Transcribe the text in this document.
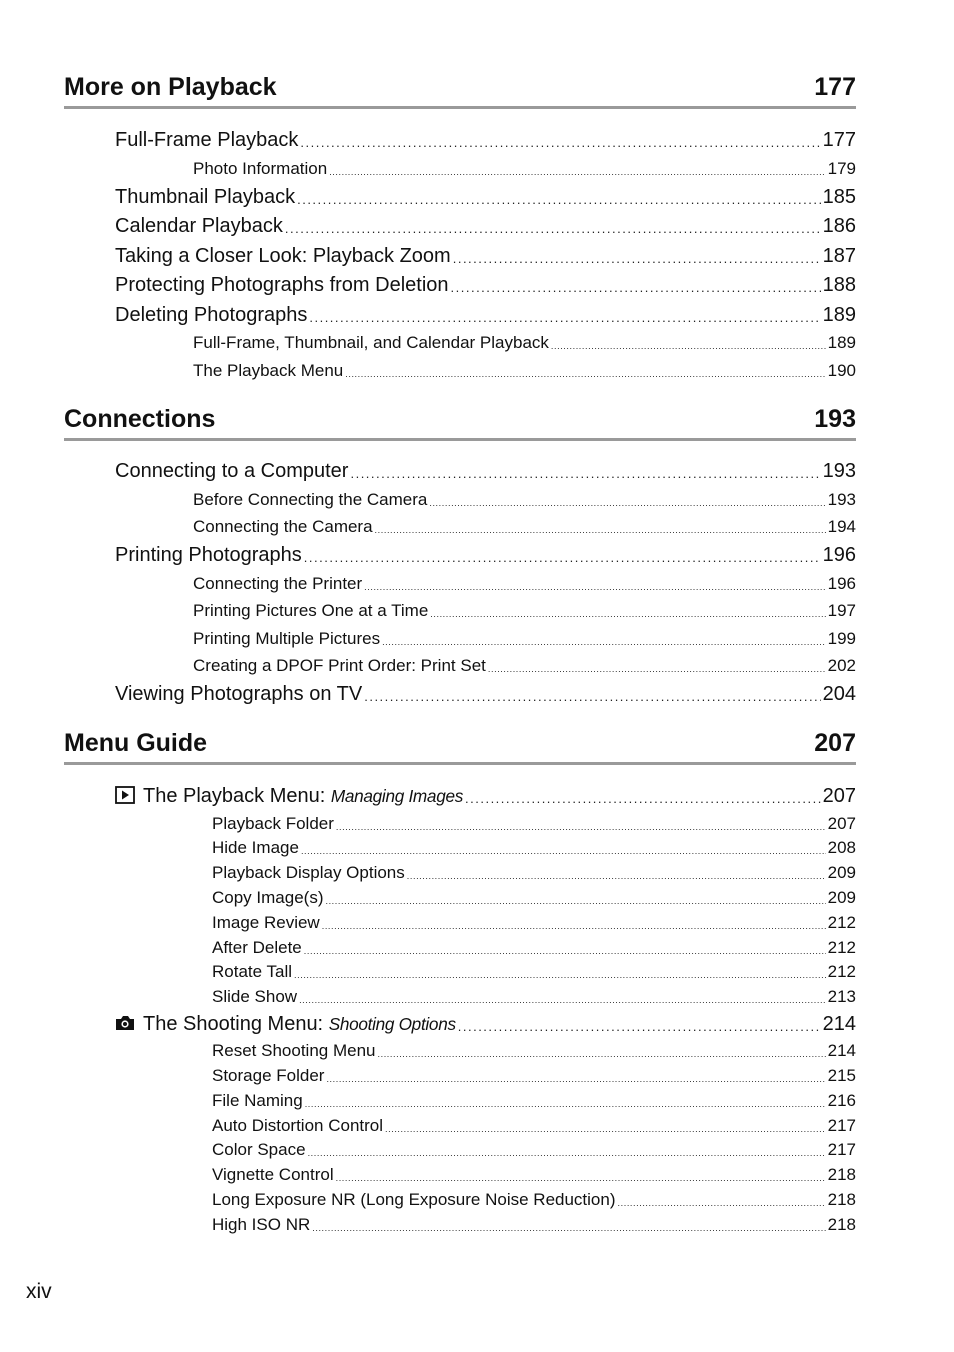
More on Playback	177
Full-Frame Playback .....	177
Photo Information .....	179
Thumbnail Playback .....	185
Calendar Playback .....	186
Taking a Closer Look: Playback Zoom .....	187
Protecting Photographs from Deletion .....	188
Deleting Photographs .....	189
Full-Frame, Thumbnail, and Calendar Playback .....	189
The Playback Menu .....	190
Connections	193
Connecting to a Computer .....	193
Before Connecting the Camera .....	193
Connecting the Camera .....	194
Printing Photographs .....	196
Connecting the Printer .....	196
Printing Pictures One at a Time .....	197
Printing Multiple Pictures .....	199
Creating a DPOF Print Order: Print Set .....	202
Viewing Photographs on TV .....	204
Menu Guide	207
The Playback Menu: Managing Images .....	207
Playback Folder .....	207
Hide Image .....	208
Playback Display Options .....	209
Copy Image(s) .....	209
Image Review .....	212
After Delete .....	212
Rotate Tall .....	212
Slide Show .....	213
The Shooting Menu: Shooting Options .....	214
Reset Shooting Menu .....	214
Storage Folder .....	215
File Naming .....	216
Auto Distortion Control .....	217
Color Space .....	217
Vignette Control .....	218
Long Exposure NR (Long Exposure Noise Reduction) .....	218
High ISO NR .....	218
xiv
